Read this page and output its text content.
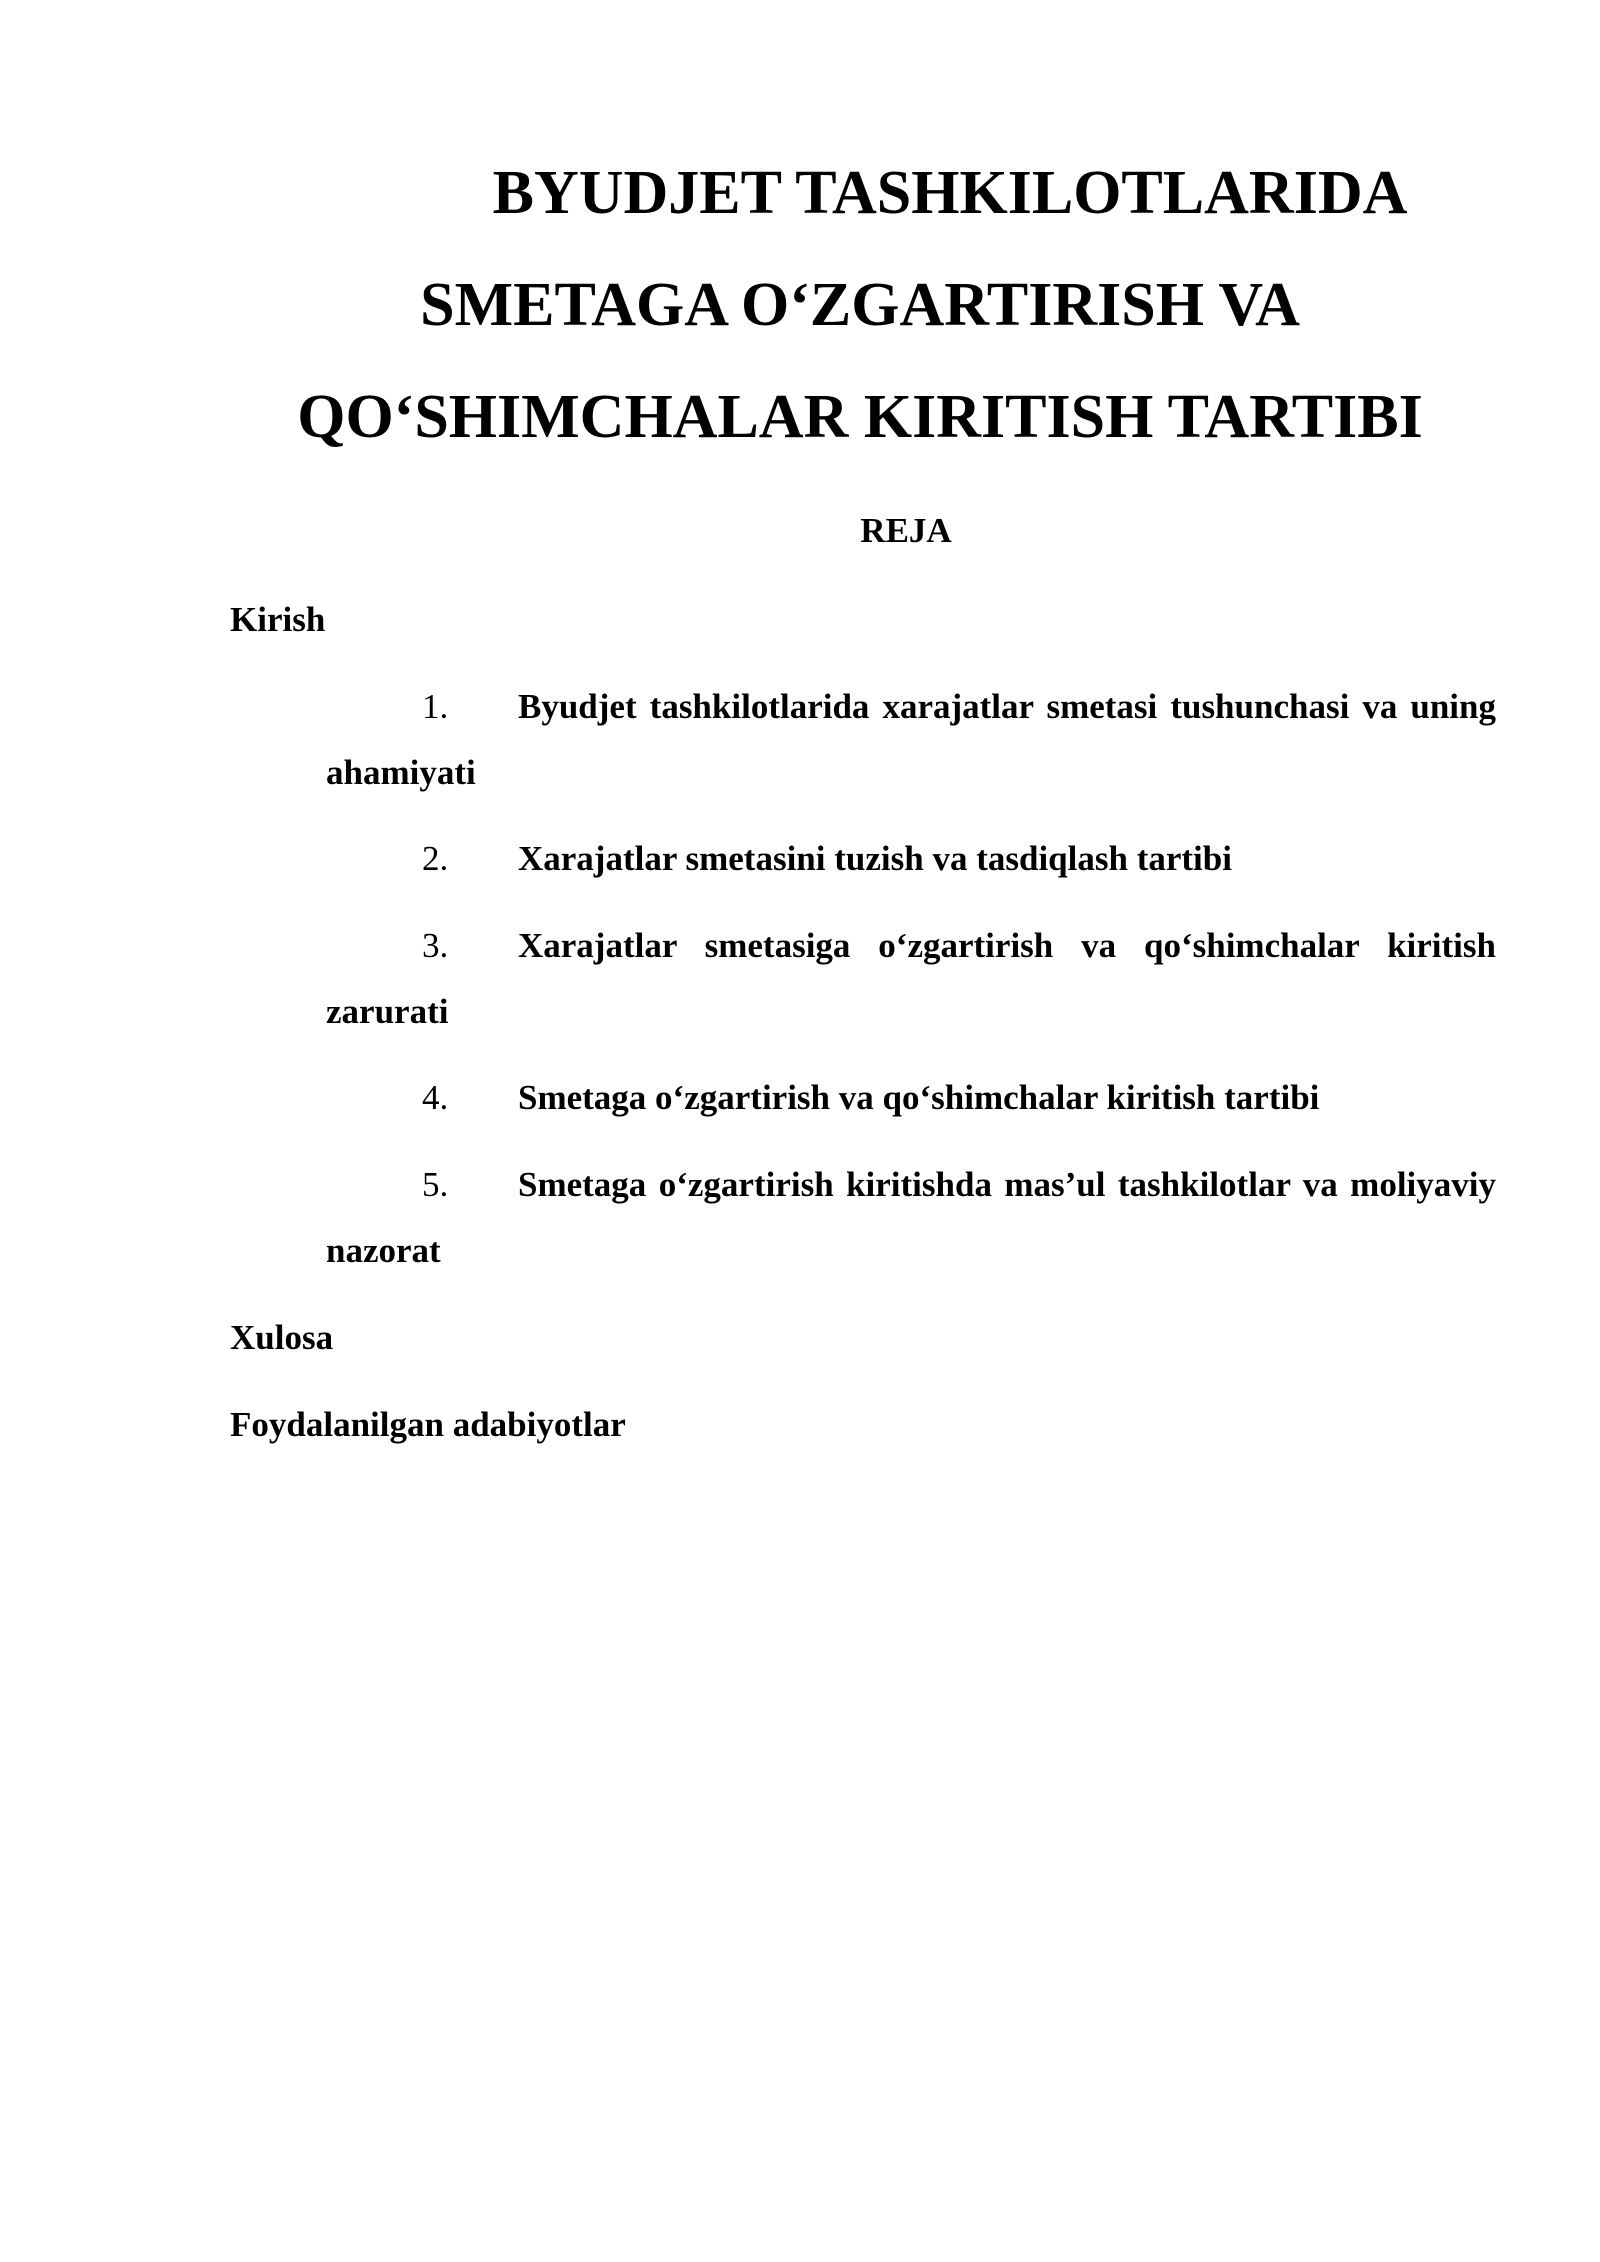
BYUDJET TASHKILOTLARIDA
SMETAGA O‘ZGARTIRISH VA
QO‘SHIMCHALAR KIRITISH TARTIBI

REJA

Kirish

1.	Byudjet tashkilotlarida xarajatlar smetasi tushunchasi va uning ahamiyati
2.	Xarajatlar smetasini tuzish va tasdiqlash tartibi
3.	Xarajatlar smetasiga o‘zgartirish va qo‘shimchalar kiritish zarurati
4.	Smetaga o‘zgartirish va qo‘shimchalar kiritish tartibi
5.	Smetaga o‘zgartirish kiritishda mas’ul tashkilotlar va moliyaviy nazorat

Xulosa

Foydalanilgan adabiyotlar
